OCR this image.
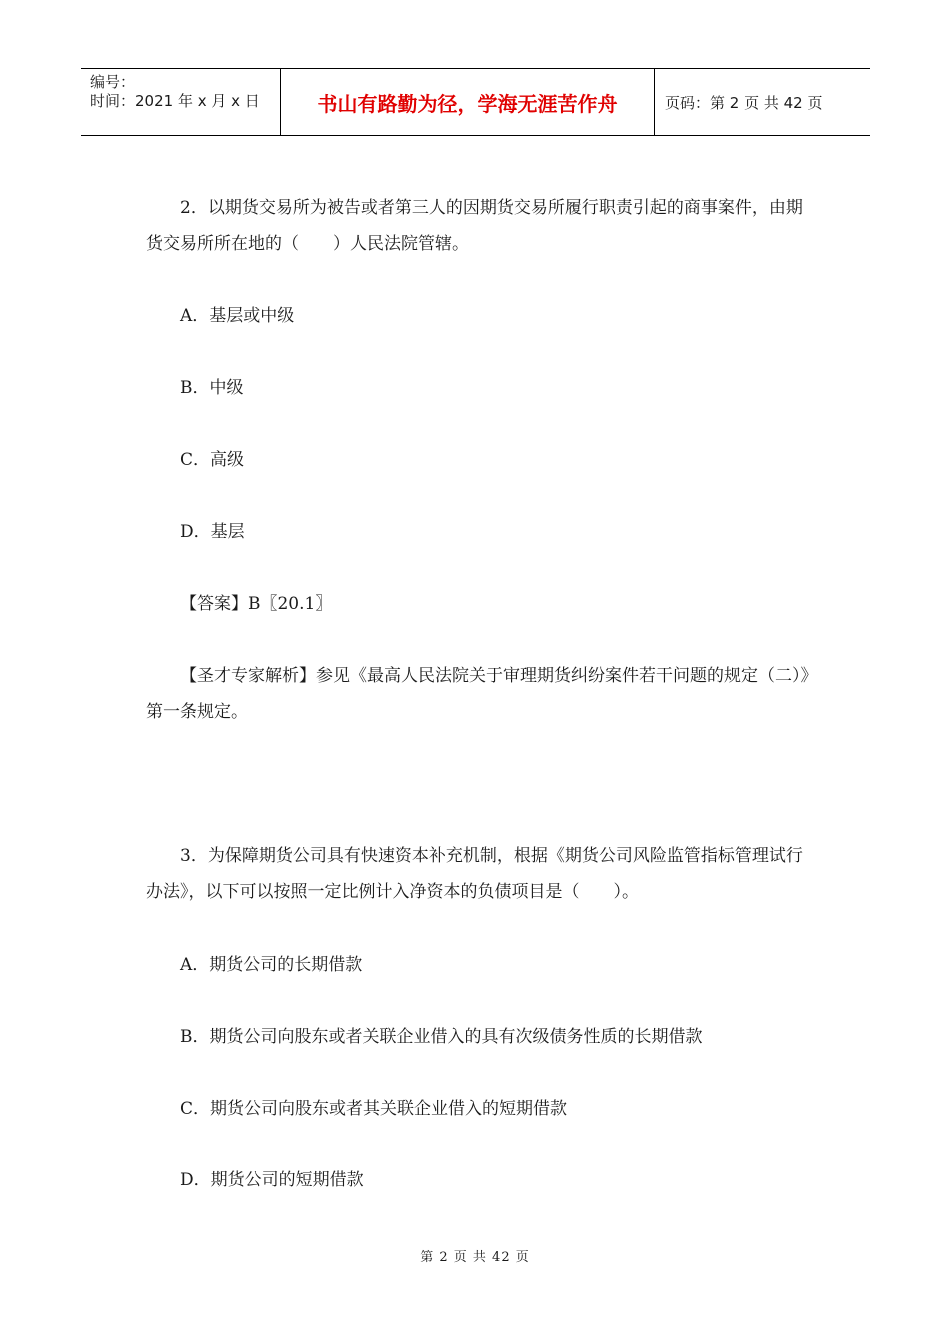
编号：
时间：2021 年 x 月 x 日	书山有路勤为径，学海无涯苦作舟	页码：第 2 页 共 42 页

2．以期货交易所为被告或者第三人的因期货交易所履行职责引起的商事案件，由期货交易所所在地的（　　）人民法院管辖。

A．基层或中级

B．中级

C．高级

D．基层

【答案】B〖20.1〗

【圣才专家解析】参见《最高人民法院关于审理期货纠纷案件若干问题的规定（二）》第一条规定。

3．为保障期货公司具有快速资本补充机制，根据《期货公司风险监管指标管理试行办法》，以下可以按照一定比例计入净资本的负债项目是（　　）。

A．期货公司的长期借款

B．期货公司向股东或者关联企业借入的具有次级债务性质的长期借款

C．期货公司向股东或者其关联企业借入的短期借款

D．期货公司的短期借款

第 2 页 共 42 页
